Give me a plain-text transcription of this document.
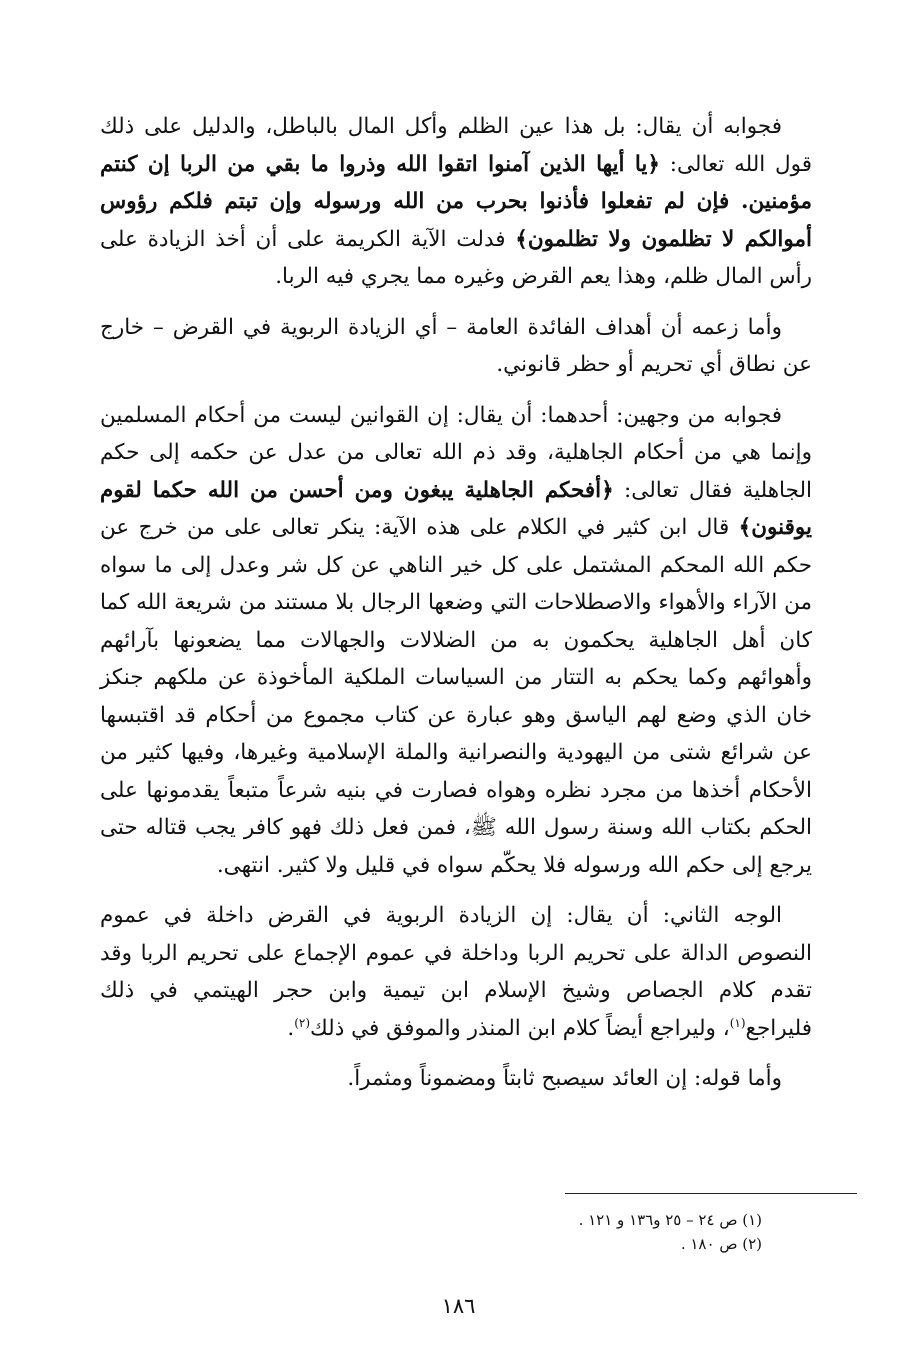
فجوابه أن يقال: بل هذا عين الظلم وأكل المال بالباطل، والدليل على ذلك قول الله تعالى: ﴿يا أيها الذين آمنوا اتقوا الله وذروا ما بقي من الربا إن كنتم مؤمنين. فإن لم تفعلوا فأذنوا بحرب من الله ورسوله وإن تبتم فلكم رؤوس أموالكم لا تظلمون ولا تظلمون﴾ فدلت الآية الكريمة على أن أخذ الزيادة على رأس المال ظلم، وهذا يعم القرض وغيره مما يجري فيه الربا.

وأما زعمه أن أهداف الفائدة العامة – أي الزيادة الربوية في القرض – خارج عن نطاق أي تحريم أو حظر قانوني.

فجوابه من وجهين: أحدهما: أن يقال: إن القوانين ليست من أحكام المسلمين وإنما هي من أحكام الجاهلية، وقد ذم الله تعالى من عدل عن حكمه إلى حكم الجاهلية فقال تعالى: ﴿أفحكم الجاهلية يبغون ومن أحسن من الله حكما لقوم يوقنون﴾ قال ابن كثير في الكلام على هذه الآية: ينكر تعالى على من خرج عن حكم الله المحكم المشتمل على كل خير الناهي عن كل شر وعدل إلى ما سواه من الآراء والأهواء والاصطلاحات التي وضعها الرجال بلا مستند من شريعة الله كما كان أهل الجاهلية يحكمون به من الضلالات والجهالات مما يضعونها بآرائهم وأهوائهم وكما يحكم به التتار من السياسات الملكية المأخوذة عن ملكهم جنكز خان الذي وضع لهم الياسق وهو عبارة عن كتاب مجموع من أحكام قد اقتبسها عن شرائع شتى من اليهودية والنصرانية والملة الإسلامية وغيرها، وفيها كثير من الأحكام أخذها من مجرد نظره وهواه فصارت في بنيه شرعاً متبعاً يقدمونها على الحكم بكتاب الله وسنة رسول الله ﷺ، فمن فعل ذلك فهو كافر يجب قتاله حتى يرجع إلى حكم الله ورسوله فلا يحكّم سواه في قليل ولا كثير. انتهى.

الوجه الثاني: أن يقال: إن الزيادة الربوية في القرض داخلة في عموم النصوص الدالة على تحريم الربا وداخلة في عموم الإجماع على تحريم الربا وقد تقدم كلام الجصاص وشيخ الإسلام ابن تيمية وابن حجر الهيتمي في ذلك فليراجع$^{(١)}$، وليراجع أيضاً كلام ابن المنذر والموفق في ذلك$^{(٢)}$.

وأما قوله: إن العائد سيصبح ثابتاً ومضموناً ومثمراً.

(١) ص ٢٤ – ٢٥ و١٣٦ و ١٢١ .

(٢) ص ١٨٠ .

١٨٦
